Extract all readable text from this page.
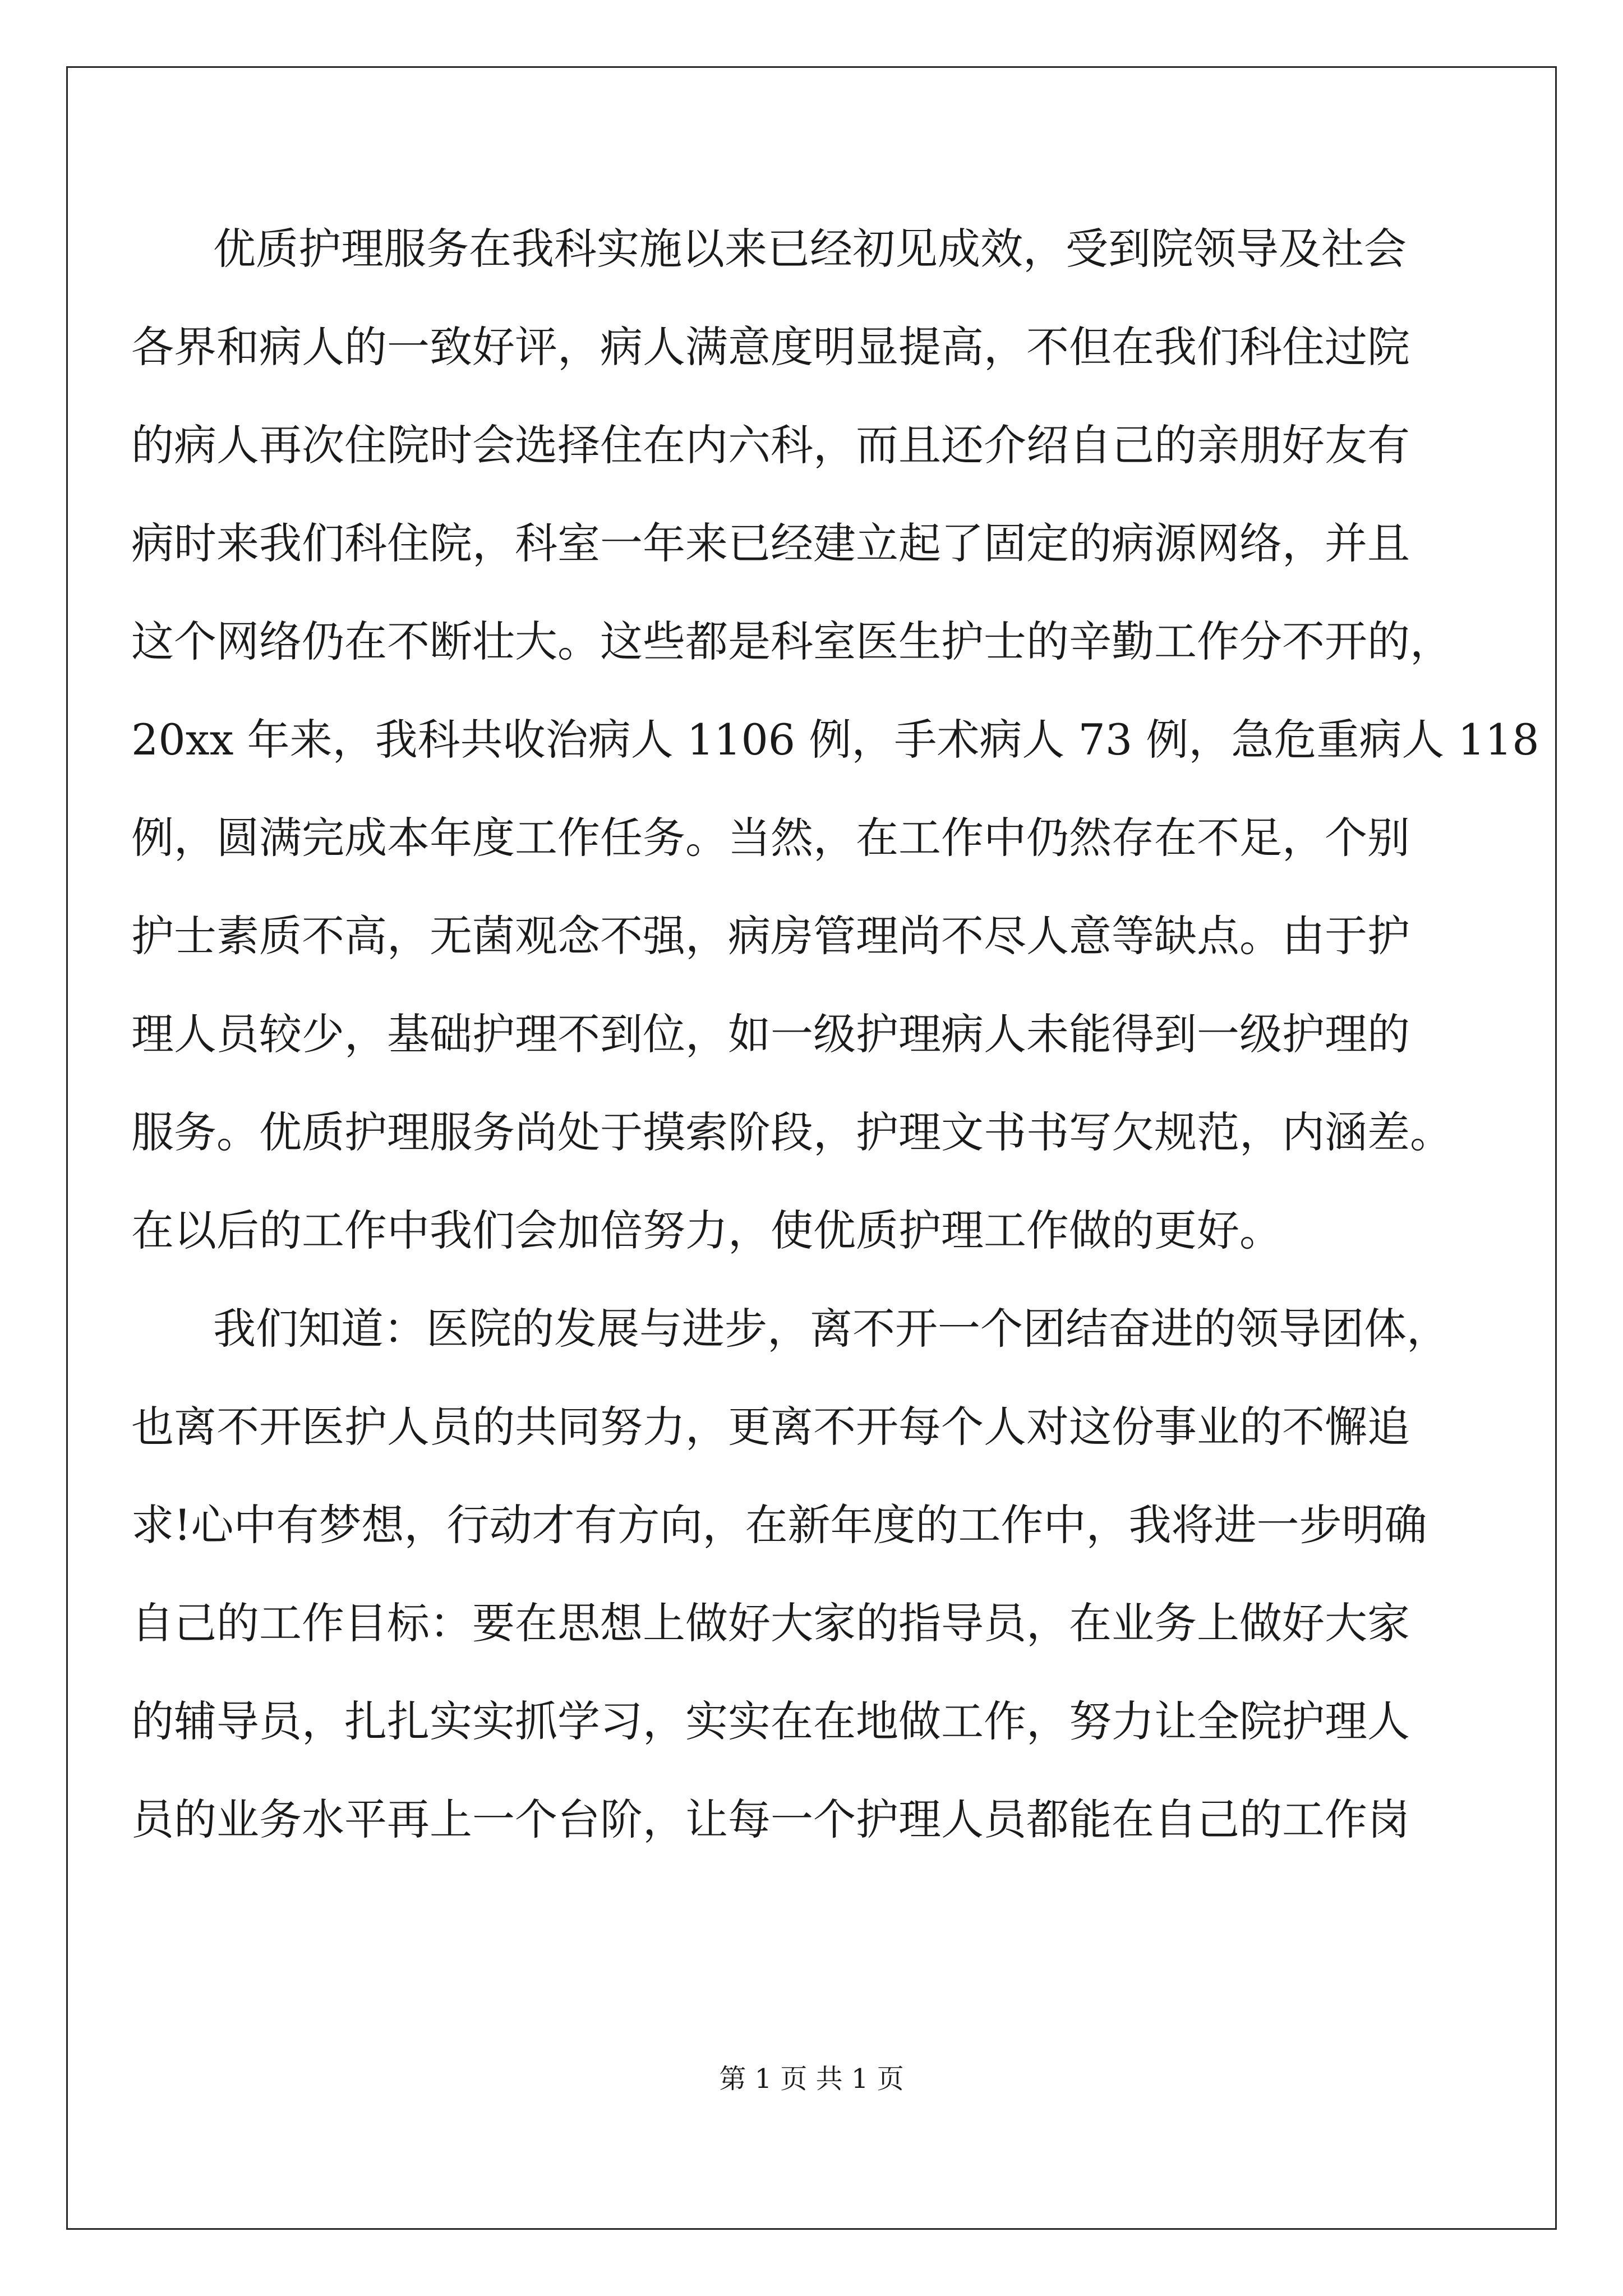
优质护理服务在我科实施以来已经初见成效，受到院领导及社会
各界和病人的一致好评，病人满意度明显提高，不但在我们科住过院
的病人再次住院时会选择住在内六科，而且还介绍自己的亲朋好友有
病时来我们科住院，科室一年来已经建立起了固定的病源网络，并且
这个网络仍在不断壮大。这些都是科室医生护士的辛勤工作分不开的，
20xx 年来，我科共收治病人 1106 例，手术病人 73 例，急危重病人 118
例，圆满完成本年度工作任务。当然，在工作中仍然存在不足，个别
护士素质不高，无菌观念不强，病房管理尚不尽人意等缺点。由于护
理人员较少，基础护理不到位，如一级护理病人未能得到一级护理的
服务。优质护理服务尚处于摸索阶段，护理文书书写欠规范，内涵差。
在以后的工作中我们会加倍努力，使优质护理工作做的更好。
我们知道：医院的发展与进步，离不开一个团结奋进的领导团体，
也离不开医护人员的共同努力，更离不开每个人对这份事业的不懈追
求!心中有梦想，行动才有方向，在新年度的工作中，我将进一步明确
自己的工作目标：要在思想上做好大家的指导员，在业务上做好大家
的辅导员，扎扎实实抓学习，实实在在地做工作，努力让全院护理人
员的业务水平再上一个台阶，让每一个护理人员都能在自己的工作岗
第 1 页 共 1 页
